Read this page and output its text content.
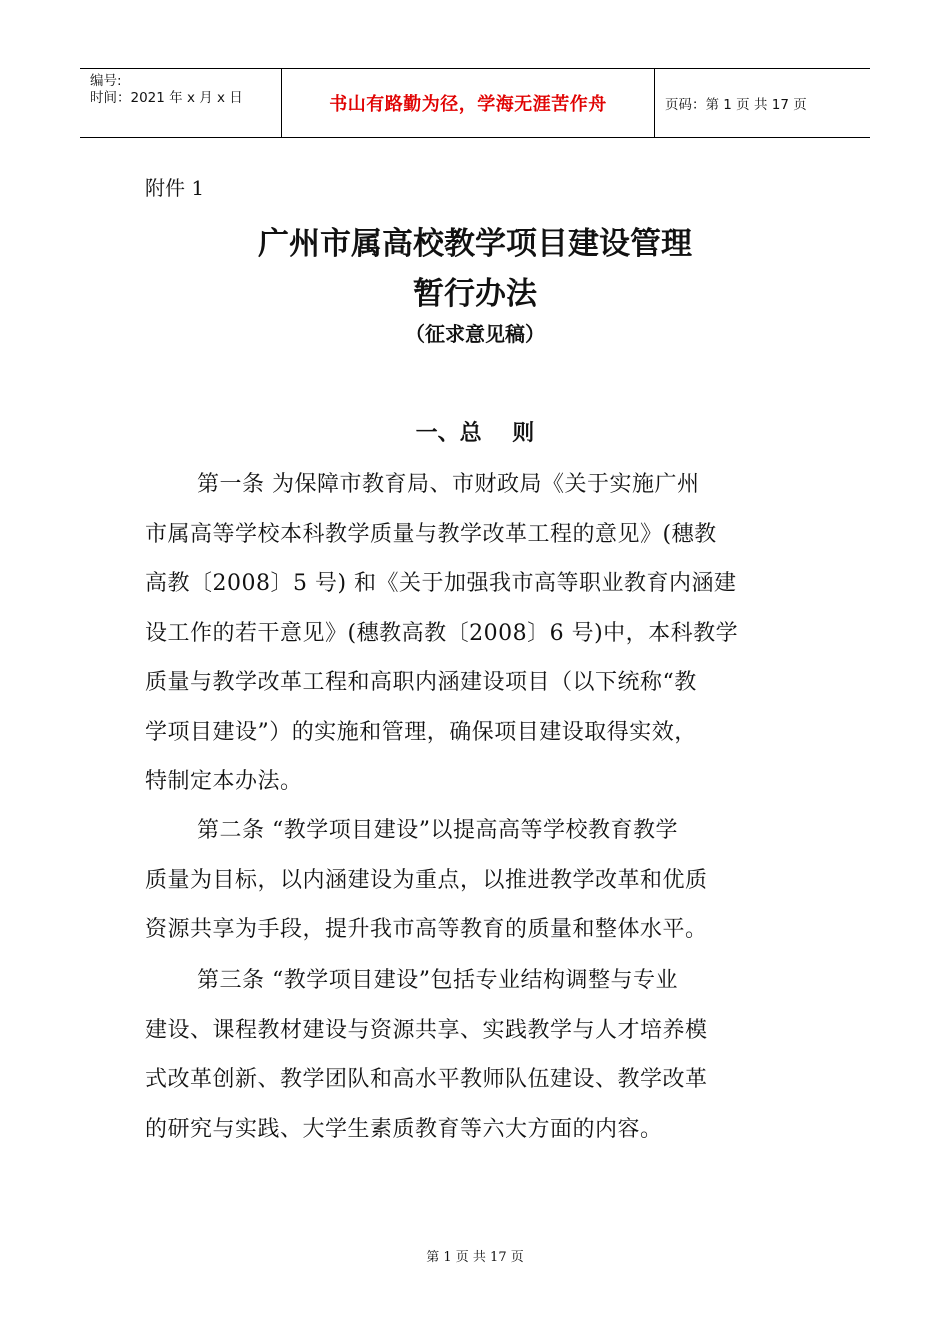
编号:
时间：2021 年 x 月 x 日	书山有路勤为径，学海无涯苦作舟	页码：第 1 页 共 17 页
附件 1
广州市属高校教学项目建设管理
暂行办法
（征求意见稿）
一、总    则
第一条 为保障市教育局、市财政局《关于实施广州
市属高等学校本科教学质量与教学改革工程的意见》(穗教
高教〔2008〕5 号) 和《关于加强我市高等职业教育内涵建
设工作的若干意见》(穗教高教〔2008〕6 号)中，本科教学
质量与教学改革工程和高职内涵建设项目（以下统称“教
学项目建设”）的实施和管理，确保项目建设取得实效，
特制定本办法。
第二条 “教学项目建设”以提高高等学校教育教学
质量为目标，以内涵建设为重点，以推进教学改革和优质
资源共享为手段，提升我市高等教育的质量和整体水平。
第三条 “教学项目建设”包括专业结构调整与专业
建设、课程教材建设与资源共享、实践教学与人才培养模
式改革创新、教学团队和高水平教师队伍建设、教学改革
的研究与实践、大学生素质教育等六大方面的内容。
第 1 页 共 17 页
